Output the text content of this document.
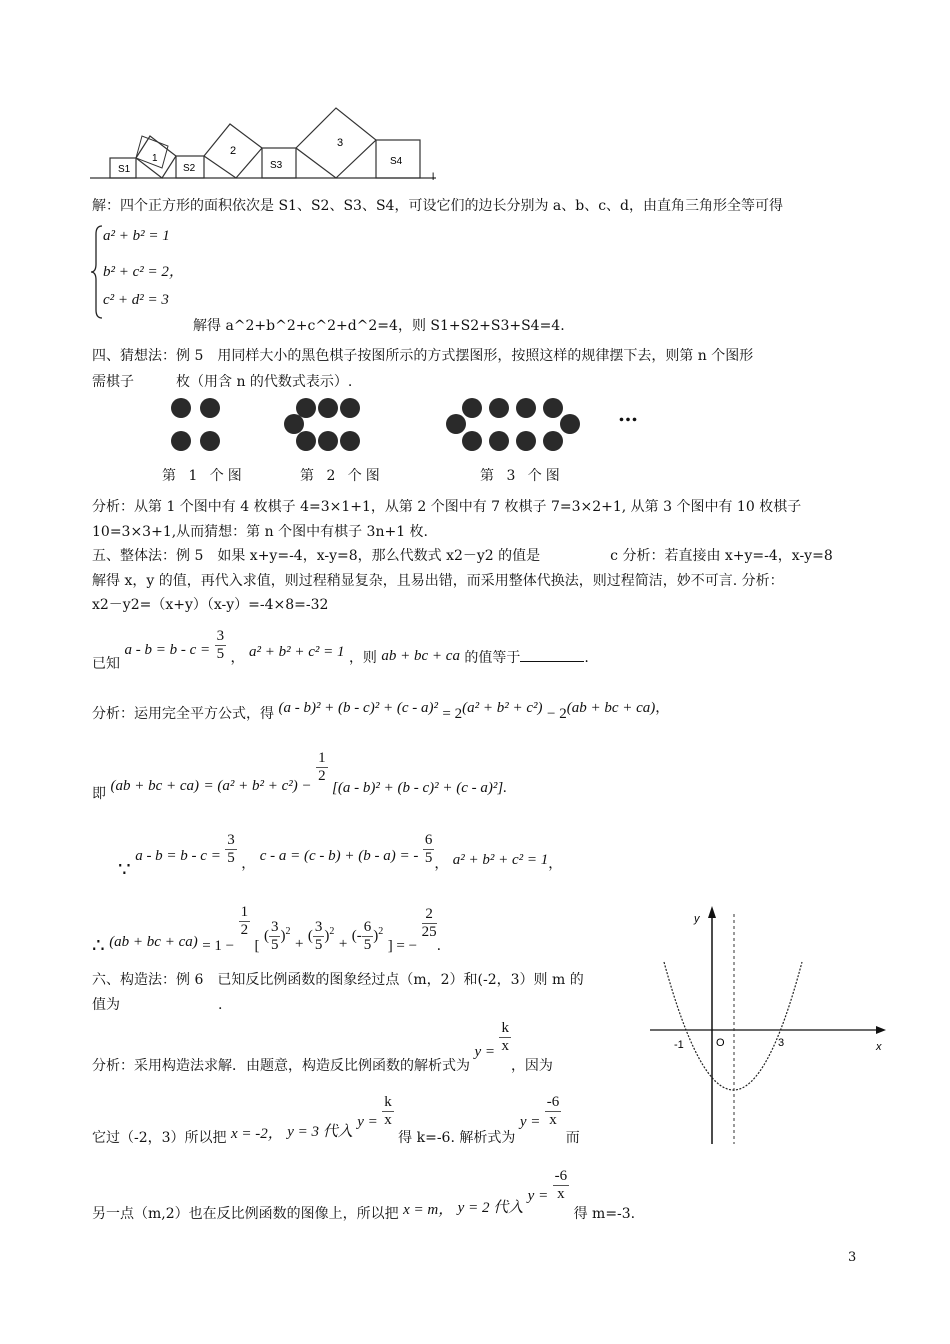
S1
1
S2
2
S3
3
S4
l
解：四个正方形的面积依次是 S1、S2、S3、S4，可设它们的边长分别为 a、b、c、d，由直角三角形全等可得
a² + b² = 1
b² + c² = 2，
c² + d² = 3
解得 a^2+b^2+c^2+d^2=4，则 S1+S2+S3+S4=4.
四、猜想法：例 5　用同样大小的黑色棋子按图所示的方式摆图形，按照这样的规律摆下去，则第 n 个图形
需棋子　　　枚（用含 n 的代数式表示）.
…
第 1 个图	第 2 个图	第 3 个图
分析：从第 1 个图中有 4 枚棋子 4=3×1+1，从第 2 个图中有 7 枚棋子 7=3×2+1, 从第 3 个图中有 10 枚棋子
10=3×3+1,从而猜想：第 n 个图中有棋子 3n+1 枚.
五、整体法：例 5　如果 x+y=-4，x-y=8，那么代数式 x2－y2 的值是　　　　　c 分析：若直接由 x+y=-4，x-y=8
解得 x，y 的值，再代入求值，则过程稍显复杂，且易出错，而采用整体代换法，则过程简洁，妙不可言. 分析：
x2－y2=（x+y）（x-y）=-4×8=-32
已知 $a - b = b - c = \frac{3}{5}$ ， a² + b² + c² = 1 ，则 ab + bc + ca 的值等于	.
分析：运用完全平方公式，得 (a - b)² + (b - c)² + (c - a)² = 2(a² + b² + c²) − 2(ab + bc + ca)，
即 (ab + bc + ca) = (a² + b² + c²) −
$\frac{1}{2}$
[(a - b)² + (b - c)² + (c - a)²].
∵ $a - b = b - c = \frac{3}{5}$ ， c - a = (c - b) + (b - a) = - $\frac{6}{5}$ ， a² + b² + c² = 1，
∴ (ab + bc + ca) = 1 −
$\frac{1}{2}$
[ ( $\frac{3}{5} )^2$ + ( $\frac{3}{5} )^2$ + (- $\frac{6}{5} )^2$ ] = −
$\frac{2}{25}$
.
六、构造法：例 6　已知反比例函数的图象经过点（m，2）和(-2，3）则 m 的
值为　　　　　　　.
分析：采用构造法求解．由题意，构造反比例函数的解析式为 $y = \frac{k}{x}$
，因为
它过（-2，3）所以把 x = -2， y = 3 代入 $y = \frac{k}{x}$
得 k=-6. 解析式为 $y = \frac{-6}{x}$
而
另一点（m,2）也在反比例函数的图像上，所以把 x = m， y = 2 代入 $y = \frac{-6}{x}$
得 m=-3.
y
x
-1	O	3
3
